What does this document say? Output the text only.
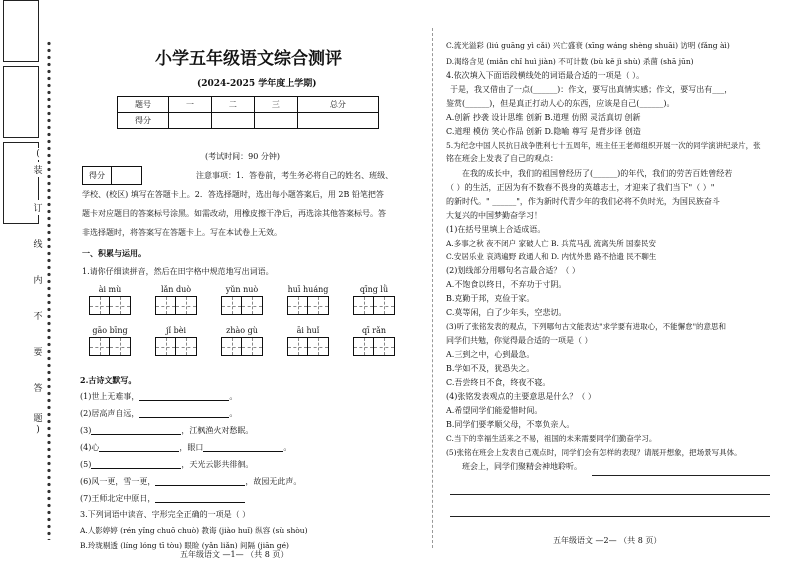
(
装
订
线
内
不
要
答
题
)
小学五年级语文综合测评
(2024-2025 学年度上学期)
题号	一	二	三	总分
得分				
(考试时间：90 分钟)
得分	注意事项：1．答卷前，考生务必将自己的姓名、班级、
学校、(校区) 填写在答题卡上。2．答选择题时，选出每小题答案后，用 2B 铅笔把答
题卡对应题目的答案标号涂黑。如需改动，用橡皮擦干净后，再选涂其他答案标号。答
非选择题时，将答案写在答题卡上。写在本试卷上无效。
一、积累与运用。
1.请你仔细读拼音，然后在田字格中规范地写出词语。
ài mù	lǎn duò	yǔn nuò	huī huáng	qīng lǜ
gāo bīng	jǐ bèi	zhào gù	āi huǐ	qī rǎn
2.古诗文默写。
(1)世上无难事，	。
(2)居高声自远，	。
(3)	，江枫渔火对愁眠。
(4)心	，眼口	。
(5)	，天光云影共徘徊。
(6)风一更，雪一更，	，故园无此声。
(7)王师北定中原日，
3.下列词语中读音、字形完全正确的一项是（ ）
A.人影婷婷 (rén yǐng chuō chuò) 教诲 (jiào huǐ) 纵容 (sù shòu)
B.玲珑剔透 (líng lóng tī tòu) 眼睑 (yǎn liǎn) 间隔 (jiān gé)
五年级语文 —1— （共 8 页）
C.流光溢彩 (liú guāng yì cǎi) 兴亡盛衰 (xīng wáng shèng shuāi) 访明 (fǎng àì)
D.渴络含见 (miǎn chǐ huì jiàn) 不可计数 (bù kě jì shù) 杀菌 (shā jūn)
4.依次填入下面语段横线处的词语最合适的一项是（ ）。
于是，我又借由了一点(______)：作文，要写出真情实感；作文，要写出有___，
鉴赏(______)，但是真正打动人心的东西，应该是自己(______)。
A.创新 抄袭 设计思维 创新 B.道理 仿照 灵活真切 创新
C.道理 模仿 笑心作品 创新 D.隐喻 尊写 是背步译 创造
5.为纪念中国人民抗日战争胜利七十五周年，班主任王老师组织开展一次的同学演讲纪录片，张
铭在班会上发表了自己的观点：
在我的成长中，我们的祖国曾经历了(______)的年代，我们的劳苦百姓曾经若
（ ）的生活，正因为有不数春不畏身的英雄志士，才迎来了我们当下"（ ）"
的新时代。" ______"，作为新时代青少年的我们必将不负时光，为国民族奋斗
大复兴的中国梦勤奋学习！
(1)在括号里填上合适成语。
A.多事之秋 夜不闭户 家破人亡 B. 兵荒马乱 流离失所 国泰民安
C.安居乐业 哀鸿遍野 政通人和 D. 内忧外患 路不拾遗 民不聊生
(2)划线部分用哪句名言最合适？（ ）
A.不饱食以终日，不弃功于寸阴。
B.克勤于邦，克俭于家。
C.莫等闲，白了少年头，空悲切。
(3)听了张铭发表的观点，下列哪句古文能表达"求学要有进取心，不能懈怠"的意思和
同学们共勉，你觉得最合适的一项是（ ）
A.三到之中，心到最急。
B.学如不及，犹恐失之。
C.吾尝终日不食，终夜不寝。
(4)张铭发表观点的主要意思是什么？（ ）
A.希望同学们能爱惜时间。
B.同学们要孝顺父母，不辜负亲人。
C.当下的幸福生活来之不易，祖国的未来需要同学们勤奋学习。
(5)张铭在班会上发表自己观点时，同学们会有怎样的表现？请展开想象，把场景写具体。
班会上，同学们聚精会神地聆听。
五年级语文 —2— （共 8 页）
